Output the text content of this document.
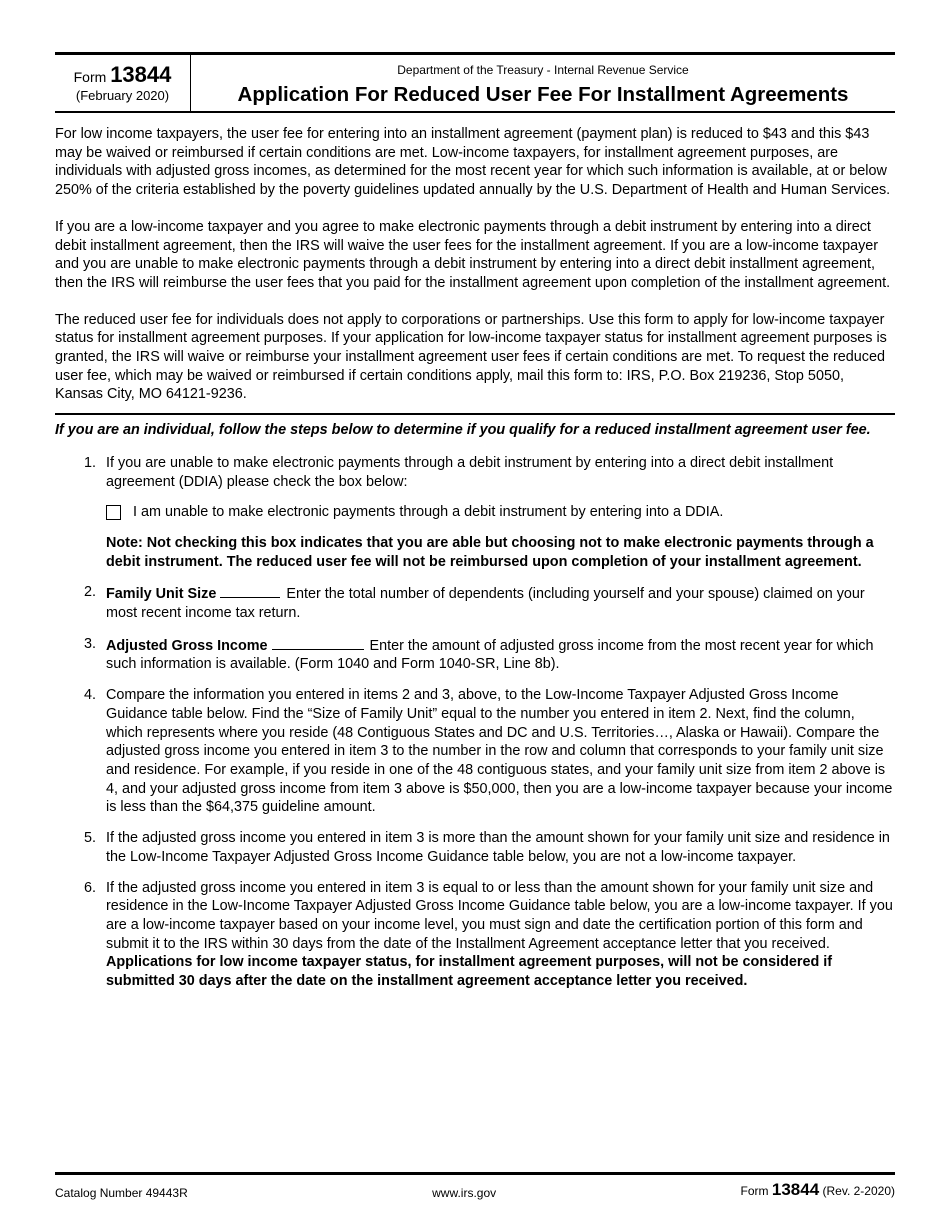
Form 13844
(February 2020)
Department of the Treasury - Internal Revenue Service
Application For Reduced User Fee For Installment Agreements

For low income taxpayers, the user fee for entering into an installment agreement (payment plan) is reduced to $43 and this $43 may be waived or reimbursed if certain conditions are met. Low-income taxpayers, for installment agreement purposes, are individuals with adjusted gross incomes, as determined for the most recent year for which such information is available, at or below 250% of the criteria established by the poverty guidelines updated annually by the U.S. Department of Health and Human Services.

If you are a low-income taxpayer and you agree to make electronic payments through a debit instrument by entering into a direct debit installment agreement, then the IRS will waive the user fees for the installment agreement. If you are a low-income taxpayer and you are unable to make electronic payments through a debit instrument by entering into a direct debit installment agreement, then the IRS will reimburse the user fees that you paid for the installment agreement upon completion of the installment agreement.

The reduced user fee for individuals does not apply to corporations or partnerships. Use this form to apply for low-income taxpayer status for installment agreement purposes. If your application for low-income taxpayer status for installment agreement purposes is granted, the IRS will waive or reimburse your installment agreement user fees if certain conditions are met. To request the reduced user fee, which may be waived or reimbursed if certain conditions apply, mail this form to: IRS, P.O. Box 219236, Stop 5050, Kansas City, MO 64121-9236.

If you are an individual, follow the steps below to determine if you qualify for a reduced installment agreement user fee.
1. If you are unable to make electronic payments through a debit instrument by entering into a direct debit installment agreement (DDIA) please check the box below:
I am unable to make electronic payments through a debit instrument by entering into a DDIA.
Note: Not checking this box indicates that you are able but choosing not to make electronic payments through a debit instrument. The reduced user fee will not be reimbursed upon completion of your installment agreement.
2. Family Unit Size	Enter the total number of dependents (including yourself and your spouse) claimed on your most recent income tax return.
3. Adjusted Gross Income	Enter the amount of adjusted gross income from the most recent year for which such information is available. (Form 1040 and Form 1040-SR, Line 8b).
4. Compare the information you entered in items 2 and 3, above, to the Low-Income Taxpayer Adjusted Gross Income Guidance table below. Find the “Size of Family Unit” equal to the number you entered in item 2. Next, find the column, which represents where you reside (48 Contiguous States and DC and U.S. Territories…, Alaska or Hawaii). Compare the adjusted gross income you entered in item 3 to the number in the row and column that corresponds to your family unit size and residence. For example, if you reside in one of the 48 contiguous states, and your family unit size from item 2 above is 4, and your adjusted gross income from item 3 above is $50,000, then you are a low-income taxpayer because your income is less than the $64,375 guideline amount.
5. If the adjusted gross income you entered in item 3 is more than the amount shown for your family unit size and residence in the Low-Income Taxpayer Adjusted Gross Income Guidance table below, you are not a low-income taxpayer.
6. If the adjusted gross income you entered in item 3 is equal to or less than the amount shown for your family unit size and residence in the Low-Income Taxpayer Adjusted Gross Income Guidance table below, you are a low-income taxpayer. If you are a low-income taxpayer based on your income level, you must sign and date the certification portion of this form and submit it to the IRS within 30 days from the date of the Installment Agreement acceptance letter that you received. Applications for low income taxpayer status, for installment agreement purposes, will not be considered if submitted 30 days after the date on the installment agreement acceptance letter you received.
Catalog Number 49443R	www.irs.gov	Form 13844 (Rev. 2-2020)
